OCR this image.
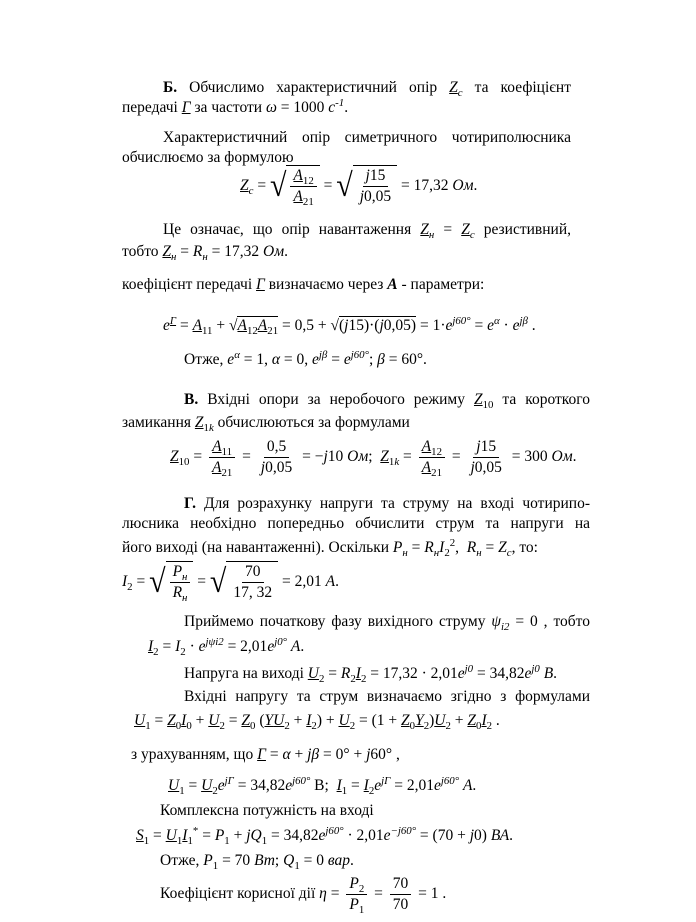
Б. Обчислимо характеристичний опір $Z_c$ та коефіцієнт
передачі Г за частоти ω = 1000 $с^{-1}$.
Характеристичний опір симетричного чотириполюсника
обчислюємо за формулою
$Z_c$ = √ $\frac{A_{12}}{A_{21}}$ = √ $\frac{j15}{j0,05} = 17,32$ Ом.
Це означає, що опір навантаження $Z_н = Z_c$ резистивний,
тобто $Z_н = R_н = 17,32$ Ом.
коефіцієнт передачі Г визначаємо через A - параметри:
$e^Г = A_{11} + √A_{12}A_{21} = 0,5 + √(j15)\cdot(j0,05) = 1\cdot e^{j60^\circ} = e^\alpha \cdot e^{j\beta}$ .
Отже, $e^\alpha = 1$, α = 0, $e^{j\beta} = e^{j60^\circ}$; β = 60°.
В. Вхідні опори за неробочого режиму $Z_{10}$ та короткого
замикання $Z_{1k}$ обчислюються за формулами
$Z_{10} = \frac{A_{11}}{A_{21}} = \frac{0,5}{j0,05} = -j10$ Ом;  $Z_{1k} = \frac{A_{12}}{A_{21}} = \frac{j15}{j0,05} = 300$ Ом.
Г. Для розрахунку напруги та струму на вході чотирипо-
люсника необхідно попередньо обчислити струм та напруги на
його виході (на навантаженні). Оскільки $P_н = R_нI_2^2$,  $R_н = Z_c$, то:
$I_2$ = √ $\frac{P_н}{R_н}$ = √ $\frac{70}{17, 32} = 2,01$ A.
Приймемо початкову фазу вихідного струму $\psi_{i2} = 0$ , тобто
$I_2 = I_2 \cdot e^{j\psi i2} = 2,01e^{j0^\circ}$ A.
Напруга на виході $U_2 = R_2I_2 = 17,32 \cdot 2,01e^{j0} = 34,82e^{j0}$ В.
Вхідні напругу та струм визначаємо згідно з формулами
$U_1 = Z_0I_0 + U_2 = Z_0$ $(YU_2 + I_2) + U_2 = (1 + Z_0Y_2)U_2 + Z_0I_2$ .
з урахуванням, що Г = α + jβ = 0° + j60° ,
$U_1 = U_2e^{jГ} = 34,82e^{j60^\circ}$ В;  $I_1 = I_2e^{jГ} = 2,01e^{j60^\circ}$ А.
Комплексна потужність на вході
$S_1 = U_1I_1^* = P_1 + jQ_1 = 34,82e^{j60^\circ} \cdot 2,01e^{-j60^\circ} = (70 + j0)$ ВА.
Отже, $P_1 = 70$ Вт; $Q_1 = 0$ вар.
Коефіцієнт корисної дії $\eta = \frac{P_2}{P_1} = \frac{70}{70} = 1$ .
